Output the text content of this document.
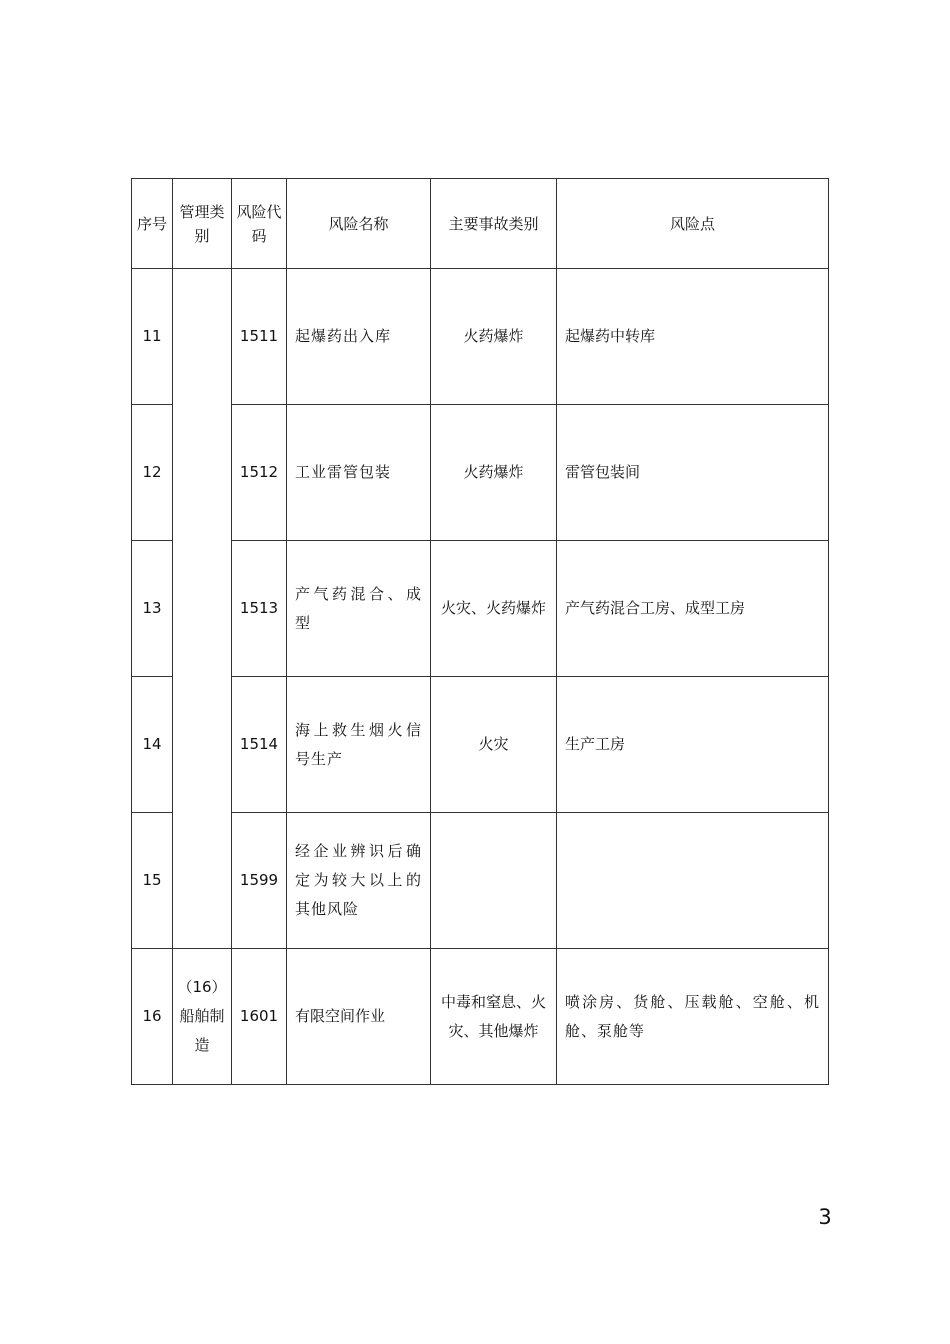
序号	管理类别	风险代码	风险名称	主要事故类别	风险点
11		1511	起爆药出入库	火药爆炸	起爆药中转库
12		1512	工业雷管包装	火药爆炸	雷管包装间
13		1513	产气药混合、成型	火灾、火药爆炸	产气药混合工房、成型工房
14		1514	海上救生烟火信号生产	火灾	生产工房
15		1599	经企业辨识后确定为较大以上的其他风险		
16	（16）船舶制造	1601	有限空间作业	中毒和窒息、火灾、其他爆炸	喷涂房、货舱、压载舱、空舱、机舱、泵舱等
3
